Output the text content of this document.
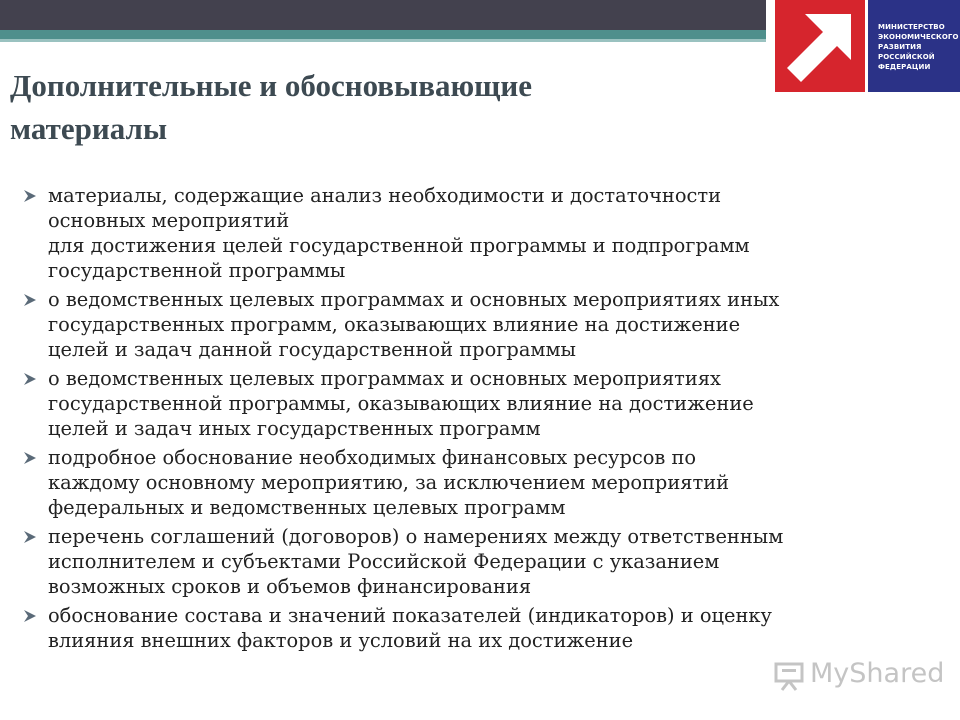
МИНИСТЕРСТВО
ЭКОНОМИЧЕСКОГО
РАЗВИТИЯ
РОССИЙСКОЙ
ФЕДЕРАЦИИ
Дополнительные и обосновывающие
материалы
материалы, содержащие анализ необходимости и достаточности
основных мероприятий
для достижения целей государственной программы и подпрограмм
государственной программы
о ведомственных целевых программах и основных мероприятиях иных
государственных программ, оказывающих влияние на достижение
целей и задач данной государственной программы
о ведомственных целевых программах и основных мероприятиях
государственной программы, оказывающих влияние на достижение
целей и задач иных государственных программ
подробное обоснование необходимых финансовых ресурсов по
каждому основному мероприятию, за исключением мероприятий
федеральных и ведомственных целевых программ
перечень соглашений (договоров) о намерениях между ответственным
исполнителем и субъектами Российской Федерации с указанием
возможных сроков и объемов финансирования
обоснование состава и значений показателей (индикаторов) и оценку
влияния внешних факторов и условий на их достижение
MyShared
